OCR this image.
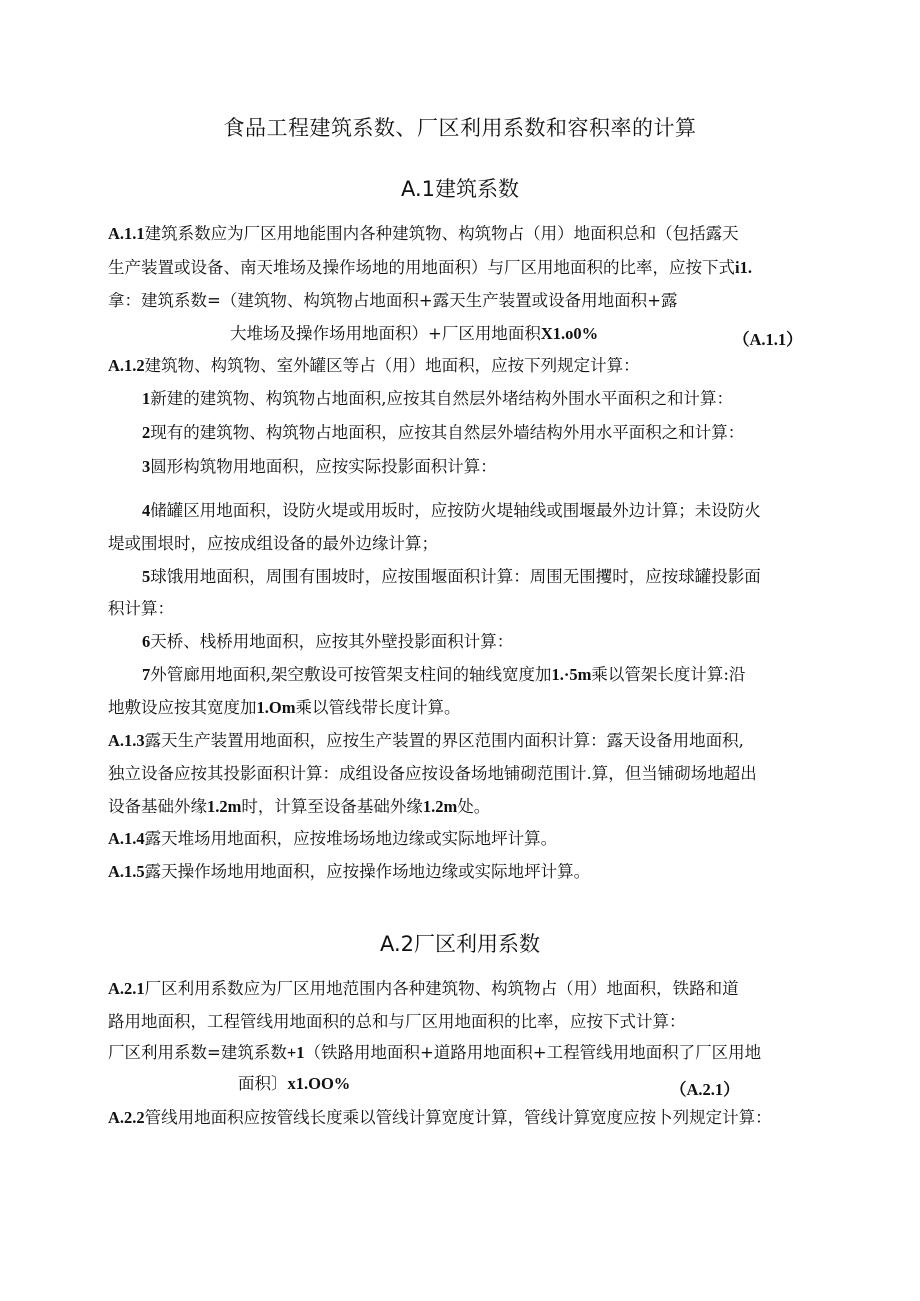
食品工程建筑系数、厂区利用系数和容积率的计算
A.1建筑系数
A.1.1建筑系数应为厂区用地能围内各种建筑物、构筑物占（用）地面积总和（包括露天
生产装置或设备、南天堆场及操作场地的用地面积）与厂区用地面积的比率，应按下式i1.
拿：建筑系数=（建筑物、构筑物占地面积+露天生产装置或设备用地面积+露
大堆场及操作场用地面积）+厂区用地面积X1.o0%	（A.1.1）
A.1.2建筑物、构筑物、室外罐区等占（用）地面积，应按下列规定计算：
1新建的建筑物、构筑物占地面积,应按其自然层外堵结构外围水平面积之和计算：
2现有的建筑物、构筑物占地面积，应按其自然层外墙结构外用水平面积之和计算：
3圆形构筑物用地面积，应按实际投影面积计算：
4储罐区用地面积，设防火堤或用坂时，应按防火堤轴线或围堰最外边计算；未设防火
堤或围垠时，应按成组设备的最外边缘计算；
5球饿用地面积，周围有围坡时，应按围堰面积计算：周围无围攫时，应按球罐投影面
积计算：
6天桥、栈桥用地面积，应按其外壁投影面积计算：
7外管廊用地面积,架空敷设可按管架支柱间的轴线宽度加1.·5m乘以管架长度计算:沿
地敷设应按其宽度加1.Om乘以管线带长度计算。
A.1.3露天生产装置用地面积，应按生产装置的界区范围内面积计算：露天设备用地面积,
独立设备应按其投影面积计算：成组设备应按设备场地铺砌范围计.算，但当铺砌场地超出
设备基础外缘1.2m时，计算至设备基础外缘1.2m处。
A.1.4露天堆场用地面积，应按堆场场地边缘或实际地坪计算。
A.1.5露天操作场地用地面积，应按操作场地边缘或实际地坪计算。
A.2厂区利用系数
A.2.1厂区利用系数应为厂区用地范围内各种建筑物、构筑物占（用）地面积，铁路和道
路用地面积，工程管线用地面积的总和与厂区用地面积的比率，应按下式计算：
厂区利用系数=建筑系数+1（铁路用地面积+道路用地面积+工程管线用地面积了厂区用地
面积〕x1.OO%	（A.2.1）
A.2.2管线用地面积应按管线长度乘以管线计算宽度计算，管线计算宽度应按卜列规定计算：
